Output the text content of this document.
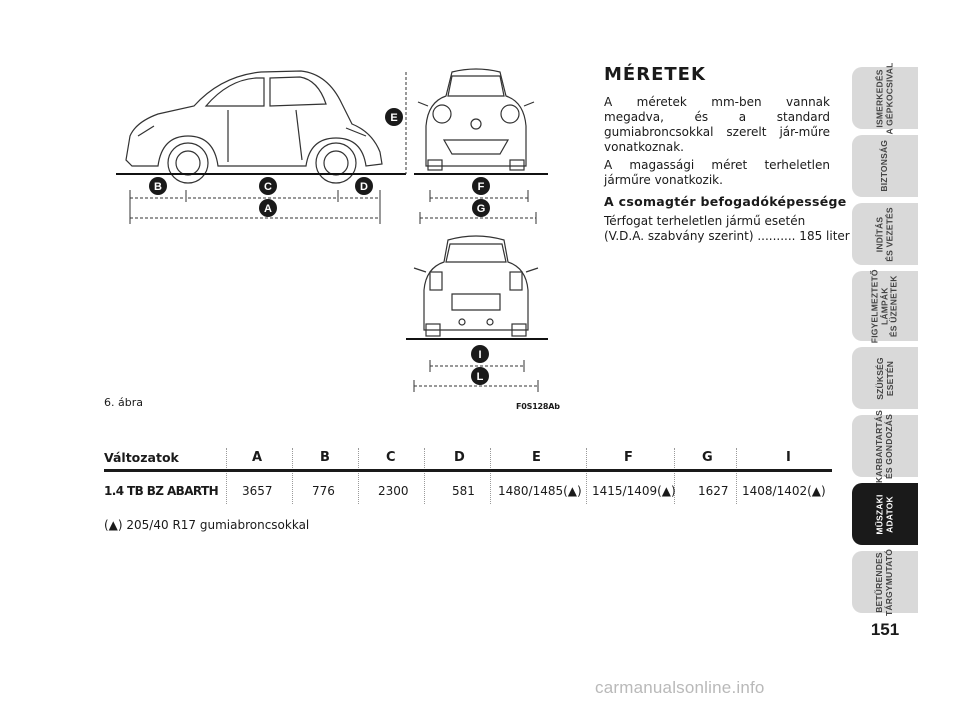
B	C	D
A
E
F
G
I
L
6. ábra	F0S128Ab
MÉRETEK

A méretek mm-ben vannak megadva, és a standard gumiabroncsokkal szerelt jár-műre vonatkoznak.

A magassági méret terheletlen járműre vonatkozik.

A csomagtér befogadóképessége
Térfogat terheletlen jármű esetén
(V.D.A. szabvány szerint) .......... 185 liter
Változatok	A	B	C	D	E	F	G	I
1.4 TB BZ ABARTH 3657	776	2300	581 1480/1485(▲) 1415/1409(▲) 1627 1408/1402(▲)
(▲) 205/40 R17 gumiabroncsokkal
ISMERKEDÉS
A GÉPKOCSIVAL
BIZTONSÁG
INDÍTÁS
ÉS VEZETÉS
FIGYELMEZTETŐ
LÁMPÁK
ÉS ÜZENETEK
SZÜKSÉG
ESETÉN
KARBANTARTÁS
ÉS GONDOZÁS
MŰSZAKI
ADATOK
BETŰRENDES
TÁRGYMUTATÓ
151
carmanualsonline.info
